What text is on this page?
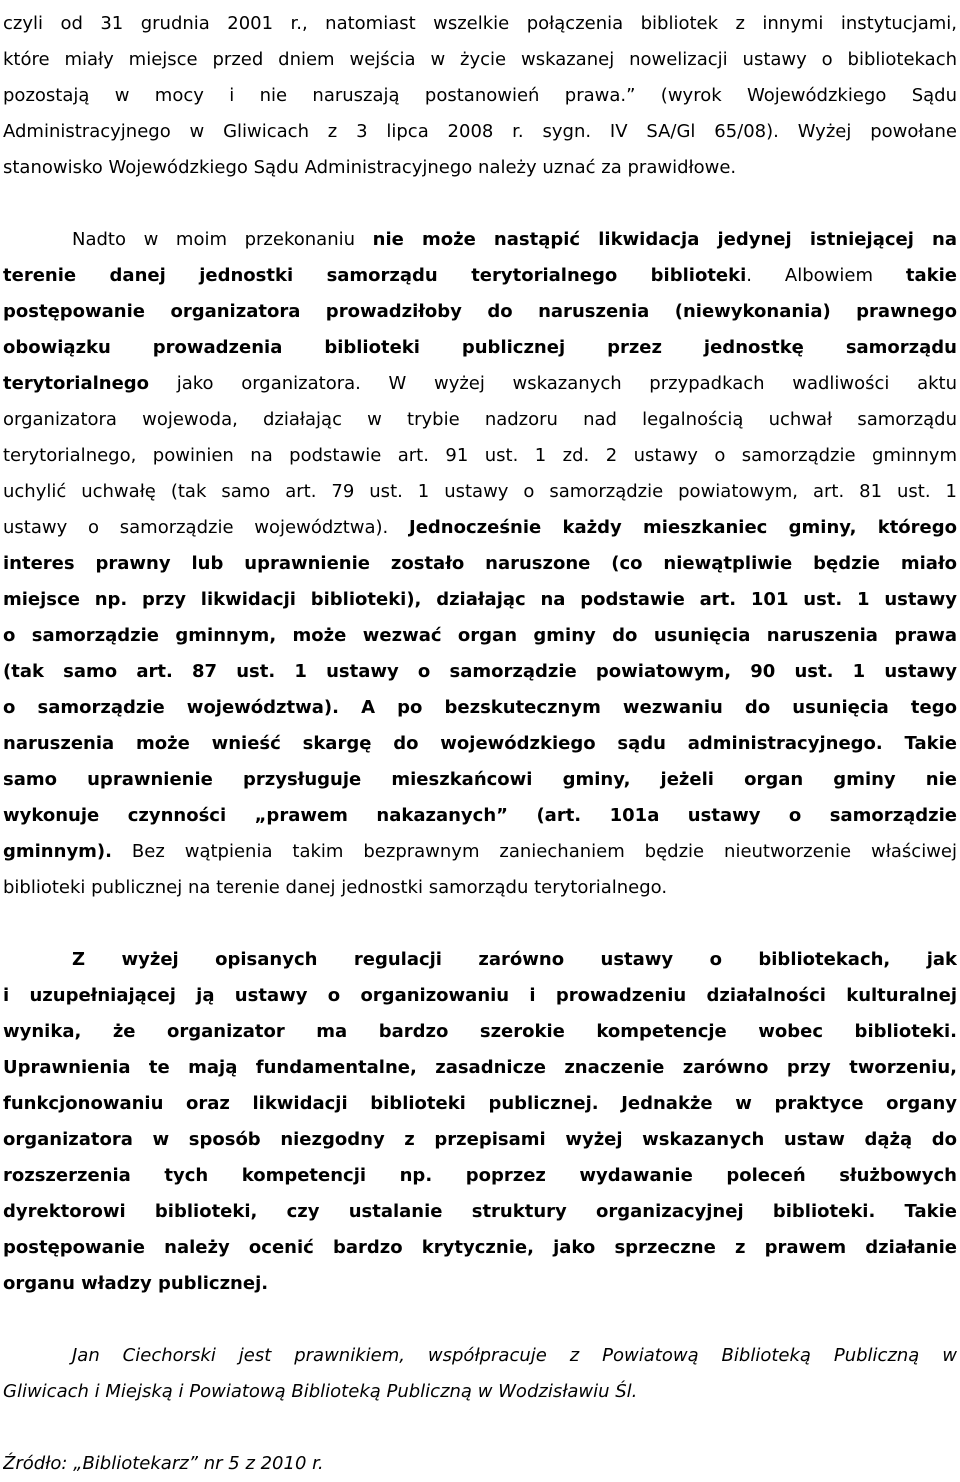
czyli od 31 grudnia 2001 r., natomiast wszelkie połączenia bibliotek z innymi instytucjami,
które miały miejsce przed dniem wejścia w życie wskazanej nowelizacji ustawy o bibliotekach
pozostają w mocy i nie naruszają postanowień prawa.” (wyrok Wojewódzkiego Sądu
Administracyjnego w Gliwicach z 3 lipca 2008 r. sygn. IV SA/Gl 65/08). Wyżej powołane
stanowisko Wojewódzkiego Sądu Administracyjnego należy uznać za prawidłowe.
Nadto w moim przekonaniu nie może nastąpić likwidacja jedynej istniejącej na
terenie danej jednostki samorządu terytorialnego biblioteki. Albowiem takie
postępowanie organizatora prowadziłoby do naruszenia (niewykonania) prawnego
obowiązku prowadzenia biblioteki publicznej przez jednostkę samorządu
terytorialnego jako organizatora. W wyżej wskazanych przypadkach wadliwości aktu
organizatora wojewoda, działając w trybie nadzoru nad legalnością uchwał samorządu
terytorialnego, powinien na podstawie art. 91 ust. 1 zd. 2 ustawy o samorządzie gminnym
uchylić uchwałę (tak samo art. 79 ust. 1 ustawy o samorządzie powiatowym, art. 81 ust. 1
ustawy o samorządzie województwa). Jednocześnie każdy mieszkaniec gminy, którego
interes prawny lub uprawnienie zostało naruszone (co niewątpliwie będzie miało
miejsce np. przy likwidacji biblioteki), działając na podstawie art. 101 ust. 1 ustawy
o samorządzie gminnym, może wezwać organ gminy do usunięcia naruszenia prawa
(tak samo art. 87 ust. 1 ustawy o samorządzie powiatowym, 90 ust. 1 ustawy
o samorządzie województwa). A po bezskutecznym wezwaniu do usunięcia tego
naruszenia może wnieść skargę do wojewódzkiego sądu administracyjnego. Takie
samo uprawnienie przysługuje mieszkańcowi gminy, jeżeli organ gminy nie
wykonuje czynności „prawem nakazanych” (art. 101a ustawy o samorządzie
gminnym). Bez wątpienia takim bezprawnym zaniechaniem będzie nieutworzenie właściwej
biblioteki publicznej na terenie danej jednostki samorządu terytorialnego.
Z wyżej opisanych regulacji zarówno ustawy o bibliotekach, jak
i uzupełniającej ją ustawy o organizowaniu i prowadzeniu działalności kulturalnej
wynika, że organizator ma bardzo szerokie kompetencje wobec biblioteki.
Uprawnienia te mają fundamentalne, zasadnicze znaczenie zarówno przy tworzeniu,
funkcjonowaniu oraz likwidacji biblioteki publicznej. Jednakże w praktyce organy
organizatora w sposób niezgodny z przepisami wyżej wskazanych ustaw dążą do
rozszerzenia tych kompetencji np. poprzez wydawanie poleceń służbowych
dyrektorowi biblioteki, czy ustalanie struktury organizacyjnej biblioteki. Takie
postępowanie należy ocenić bardzo krytycznie, jako sprzeczne z prawem działanie
organu władzy publicznej.
Jan Ciechorski jest prawnikiem, współpracuje z Powiatową Biblioteką Publiczną w
Gliwicach i Miejską i Powiatową Biblioteką Publiczną w Wodzisławiu Śl.
Źródło: „Bibliotekarz” nr 5 z 2010 r.
